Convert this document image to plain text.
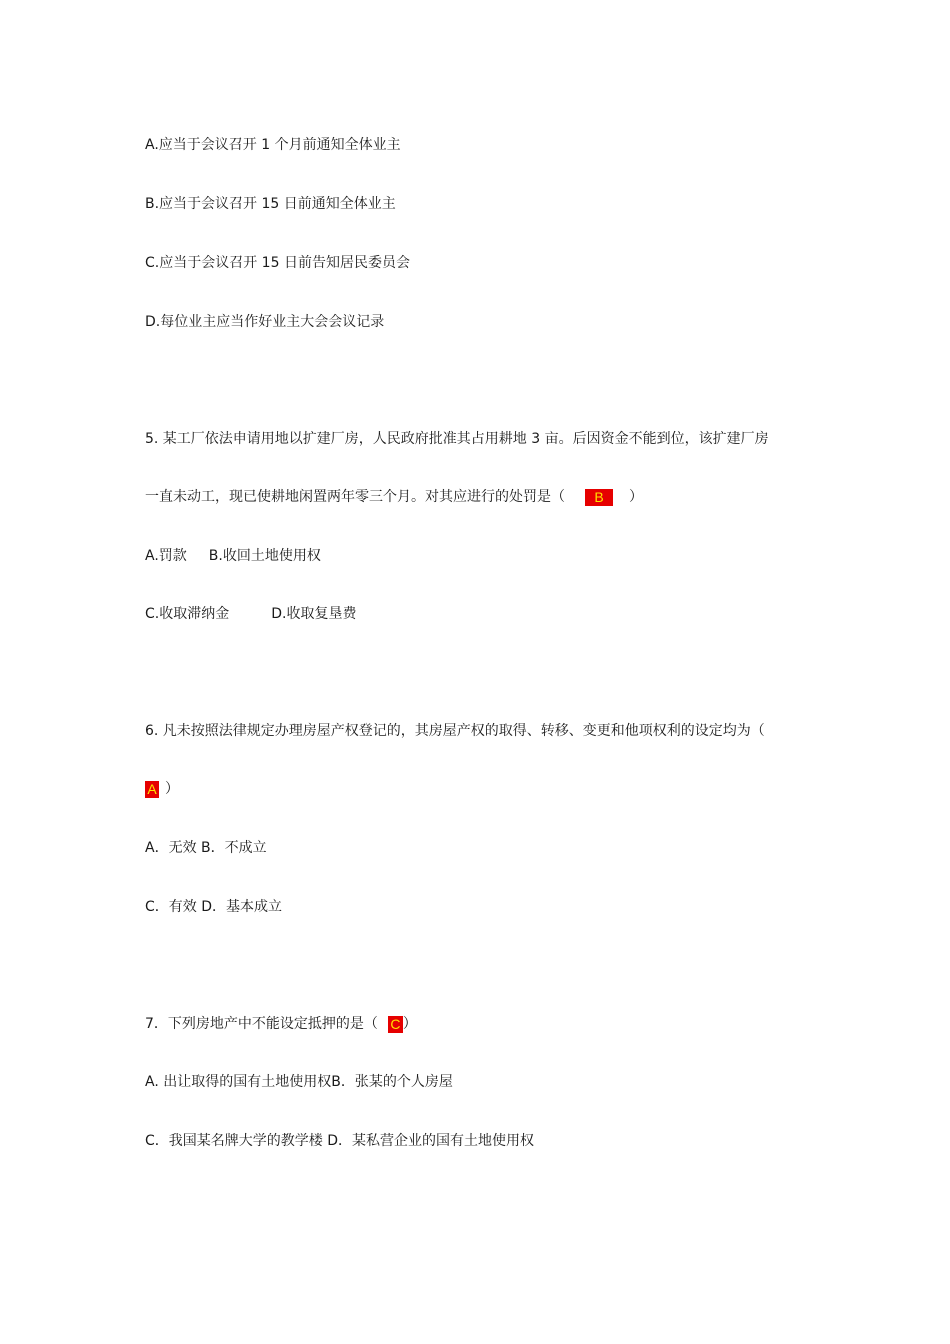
A.应当于会议召开 1 个月前通知全体业主
B.应当于会议召开 15 日前通知全体业主
C.应当于会议召开 15 日前告知居民委员会
D.每位业主应当作好业主大会会议记录
5. 某工厂依法申请用地以扩建厂房，人民政府批准其占用耕地 3 亩。后因资金不能到位，该扩建厂房
一直未动工，现已使耕地闲置两年零三个月。对其应进行的处罚是（ B ）
A.罚款 B.收回土地使用权
C.收取滞纳金	D.收取复垦费
6. 凡未按照法律规定办理房屋产权登记的，其房屋产权的取得、转移、变更和他项权利的设定均为（
A ）
A．无效 B．不成立
C．有效 D．基本成立
7．下列房地产中不能设定抵押的是（ C ）
A. 出让取得的国有土地使用权B．张某的个人房屋
C．我国某名牌大学的教学楼 D．某私营企业的国有土地使用权
